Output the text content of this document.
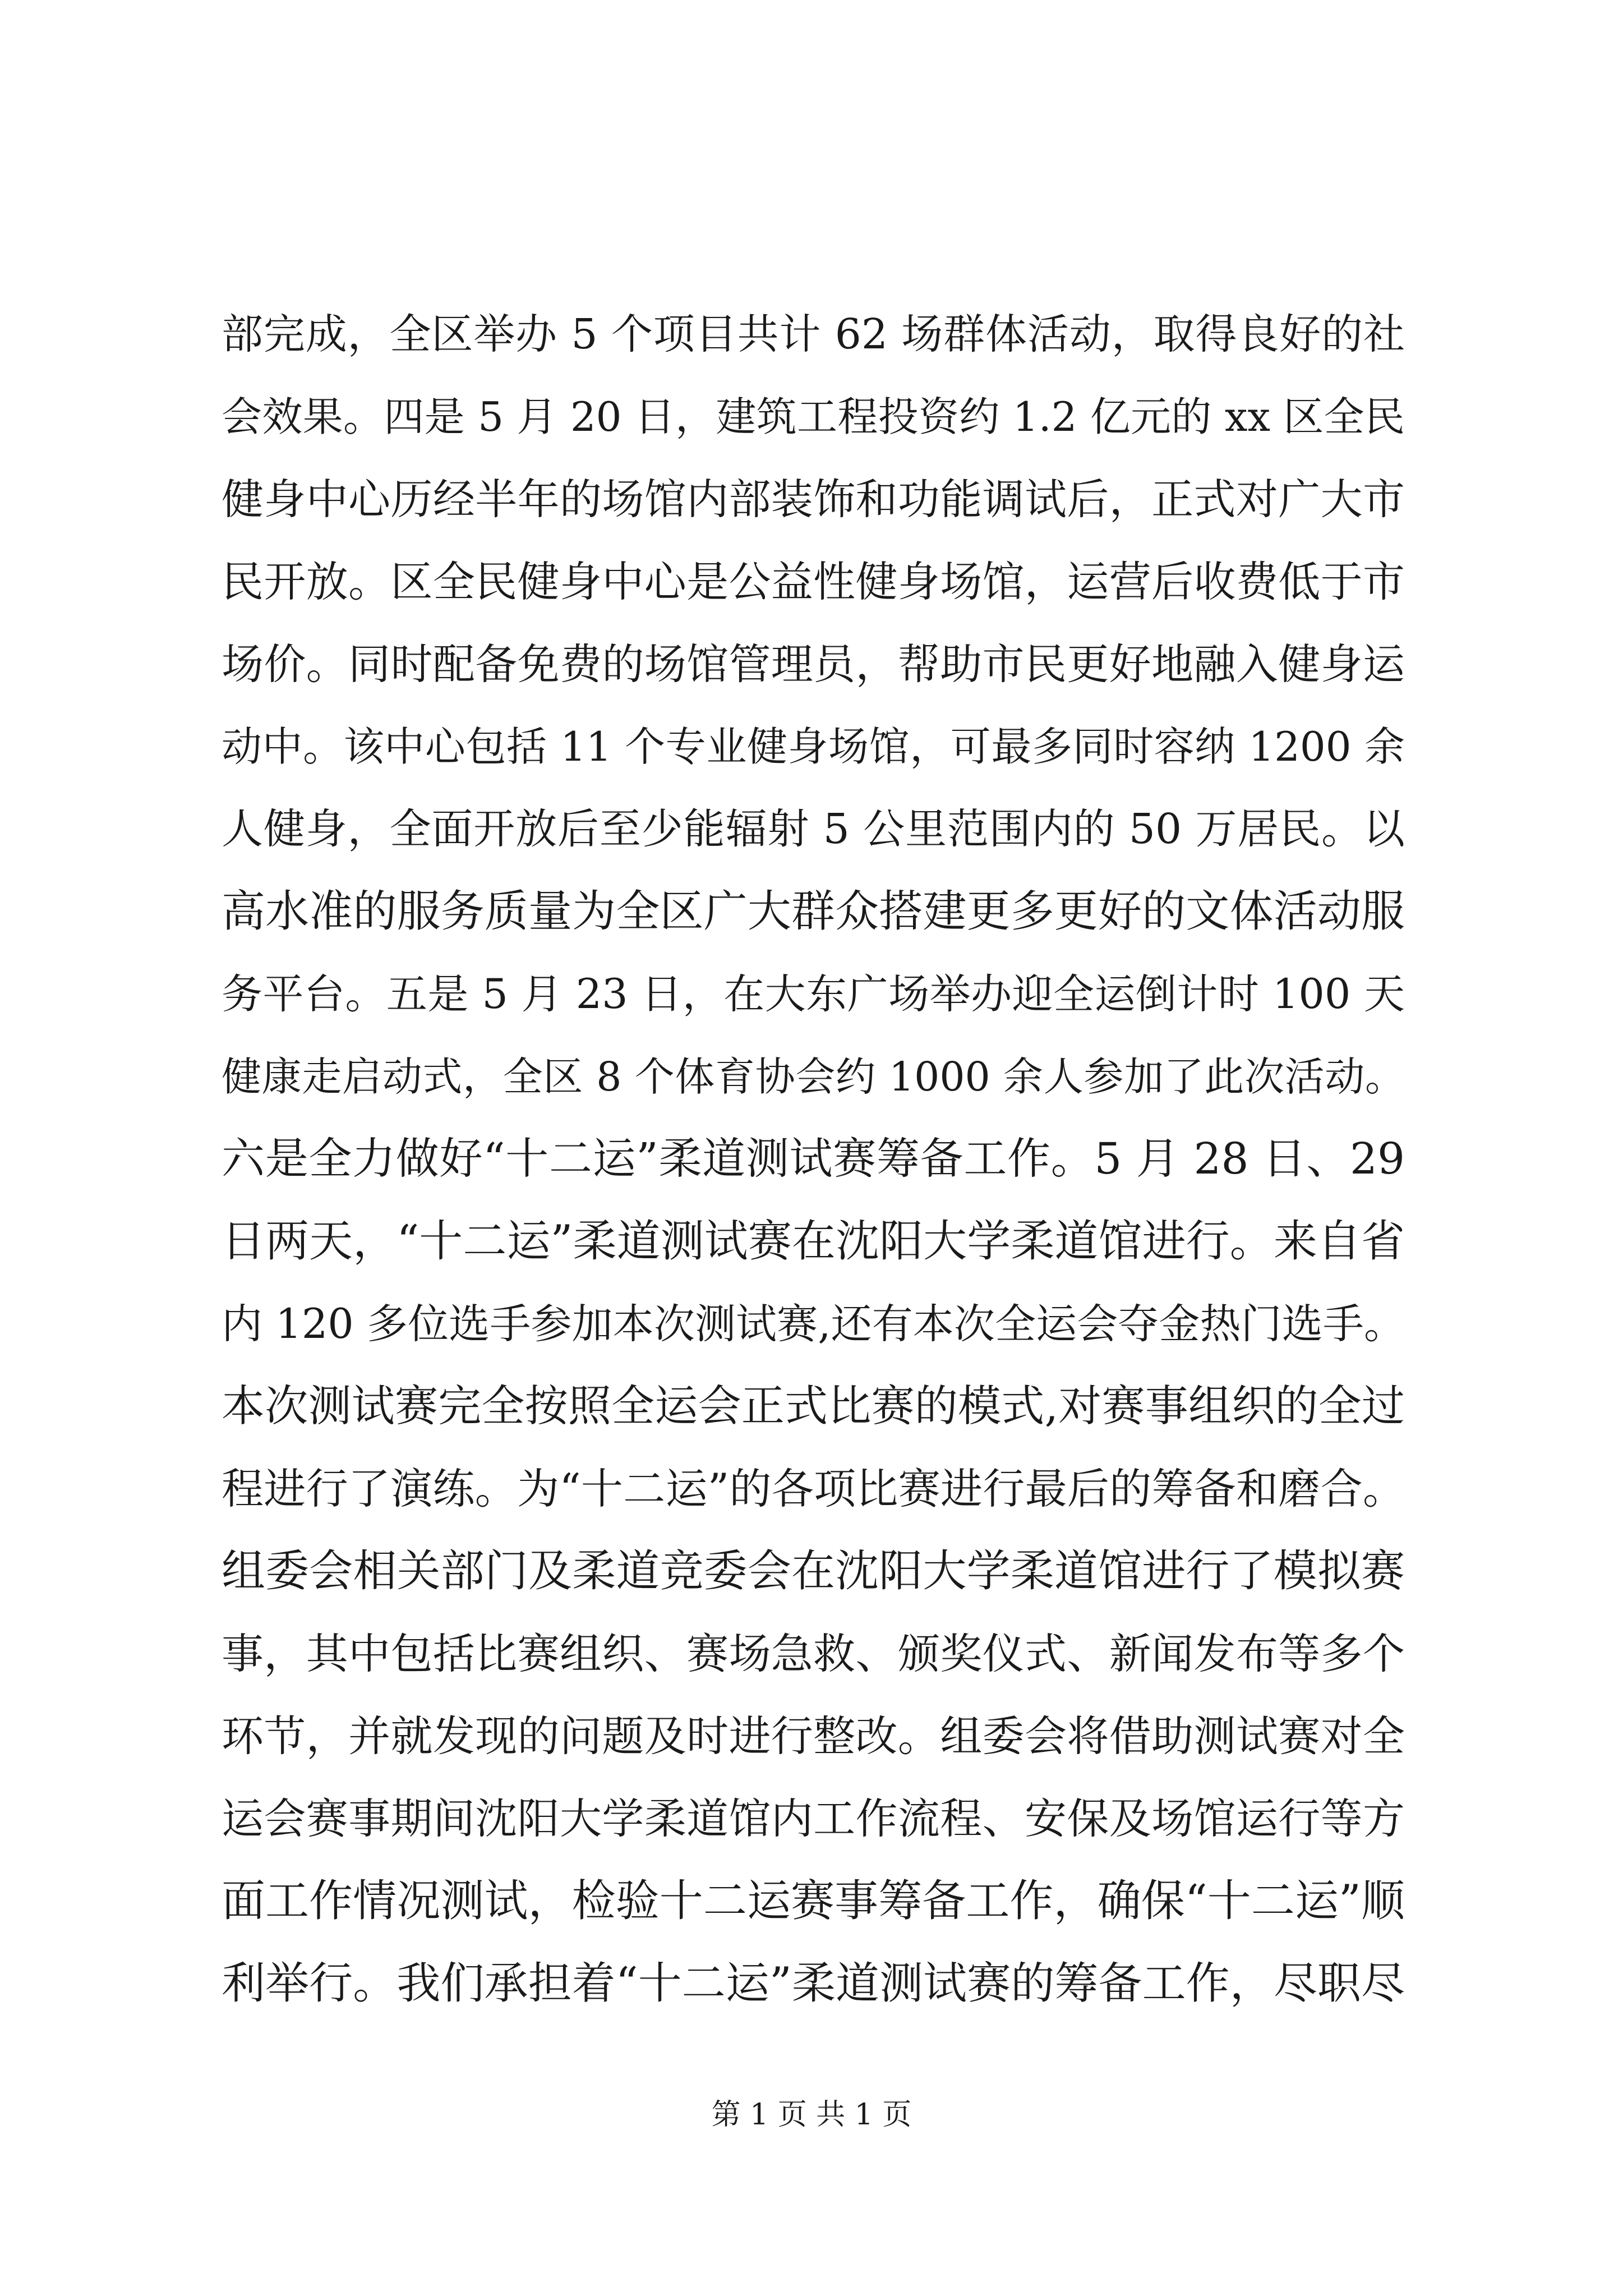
部完成，全区举办 5 个项目共计 62 场群体活动，取得良好的社
会效果。四是 5 月 20 日，建筑工程投资约 1.2 亿元的 xx 区全民
健身中心历经半年的场馆内部装饰和功能调试后，正式对广大市
民开放。区全民健身中心是公益性健身场馆，运营后收费低于市
场价。同时配备免费的场馆管理员，帮助市民更好地融入健身运
动中。该中心包括 11 个专业健身场馆，可最多同时容纳 1200 余
人健身，全面开放后至少能辐射 5 公里范围内的 50 万居民。以
高水准的服务质量为全区广大群众搭建更多更好的文体活动服
务平台。五是 5 月 23 日，在大东广场举办迎全运倒计时 100 天
健康走启动式，全区 8 个体育协会约 1000 余人参加了此次活动。
六是全力做好“十二运”柔道测试赛筹备工作。5 月 28 日、29
日两天，“十二运”柔道测试赛在沈阳大学柔道馆进行。来自省
内 120 多位选手参加本次测试赛,还有本次全运会夺金热门选手。
本次测试赛完全按照全运会正式比赛的模式,对赛事组织的全过
程进行了演练。为“十二运”的各项比赛进行最后的筹备和磨合。
组委会相关部门及柔道竞委会在沈阳大学柔道馆进行了模拟赛
事，其中包括比赛组织、赛场急救、颁奖仪式、新闻发布等多个
环节，并就发现的问题及时进行整改。组委会将借助测试赛对全
运会赛事期间沈阳大学柔道馆内工作流程、安保及场馆运行等方
面工作情况测试，检验十二运赛事筹备工作，确保“十二运”顺
利举行。我们承担着“十二运”柔道测试赛的筹备工作，尽职尽
第 1 页 共 1 页
